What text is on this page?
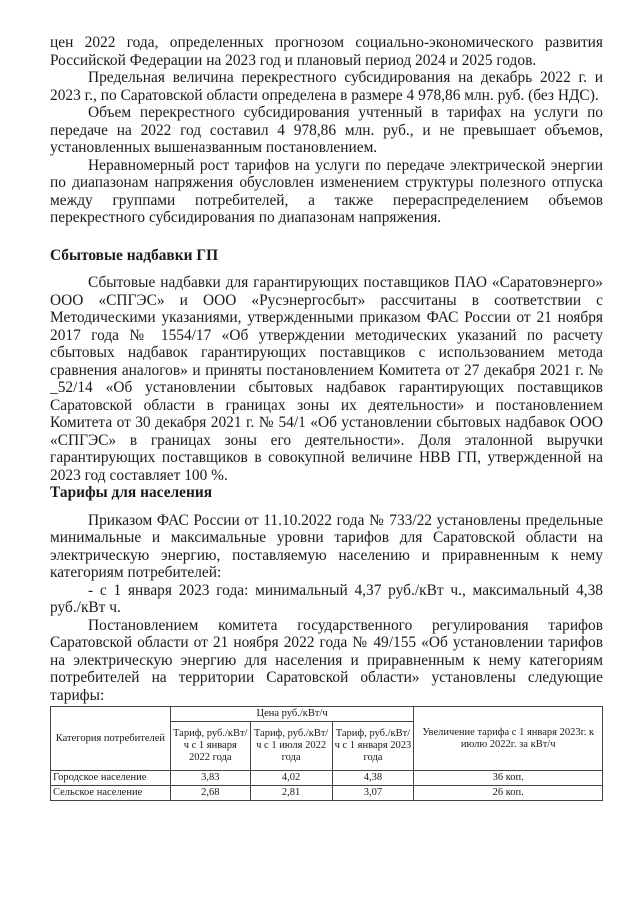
цен 2022 года, определенных прогнозом социально-экономического развития Российской Федерации на 2023 год и плановый период 2024 и 2025 годов.

Предельная величина перекрестного субсидирования на декабрь 2022 г. и 2023 г., по Саратовской области определена в размере 4 978,86 млн. руб. (без НДС).

Объем перекрестного субсидирования учтенный в тарифах на услуги по передаче на 2022 год составил 4 978,86 млн. руб., и не превышает объемов, установленных вышеназванным постановлением.

Неравномерный рост тарифов на услуги по передаче электрической энергии по диапазонам напряжения обусловлен изменением структуры полезного отпуска между группами потребителей, а также перераспределением объемов перекрестного субсидирования по диапазонам напряжения.

Сбытовые надбавки ГП

Сбытовые надбавки для гарантирующих поставщиков ПАО «Саратовэнерго» ООО «СПГЭС» и ООО «Русэнергосбыт» рассчитаны в соответствии с Методическими указаниями, утвержденными приказом ФАС России от 21 ноября 2017 года № 1554/17 «Об утверждении методических указаний по расчету сбытовых надбавок гарантирующих поставщиков с использованием метода сравнения аналогов» и приняты постановлением Комитета от 27 декабря 2021 г. № _52/14 «Об установлении сбытовых надбавок гарантирующих поставщиков Саратовской области в границах зоны их деятельности» и постановлением Комитета от 30 декабря 2021 г. № 54/1 «Об установлении сбытовых надбавок ООО «СПГЭС» в границах зоны его деятельности». Доля эталонной выручки гарантирующих поставщиков в совокупной величине НВВ ГП, утвержденной на 2023 год составляет 100 %.

Тарифы для населения

Приказом ФАС России от 11.10.2022 года № 733/22 установлены предельные минимальные и максимальные уровни тарифов для Саратовской области на электрическую энергию, поставляемую населению и приравненным к нему категориям потребителей:

- с 1 января 2023 года: минимальный 4,37 руб./кВт ч., максимальный 4,38 руб./кВт ч.

Постановлением комитета государственного регулирования тарифов Саратовской области от 21 ноября 2022 года № 49/155 «Об установлении тарифов на электрическую энергию для населения и приравненным к нему категориям потребителей на территории Саратовской области» установлены следующие тарифы:

Категория потребителей	Цена руб./кВт/ч			Увеличение тарифа с 1 января 2023г. к июлю 2022г. за кВт/ч
	Тариф, руб./кВт/ч с 1 января 2022 года	Тариф, руб./кВт/ч с 1 июля 2022 года	Тариф, руб./кВт/ч с 1 января 2023 года	
Городское население	3,83	4,02	4,38	36 коп.
Сельское население	2,68	2,81	3,07	26 коп.
